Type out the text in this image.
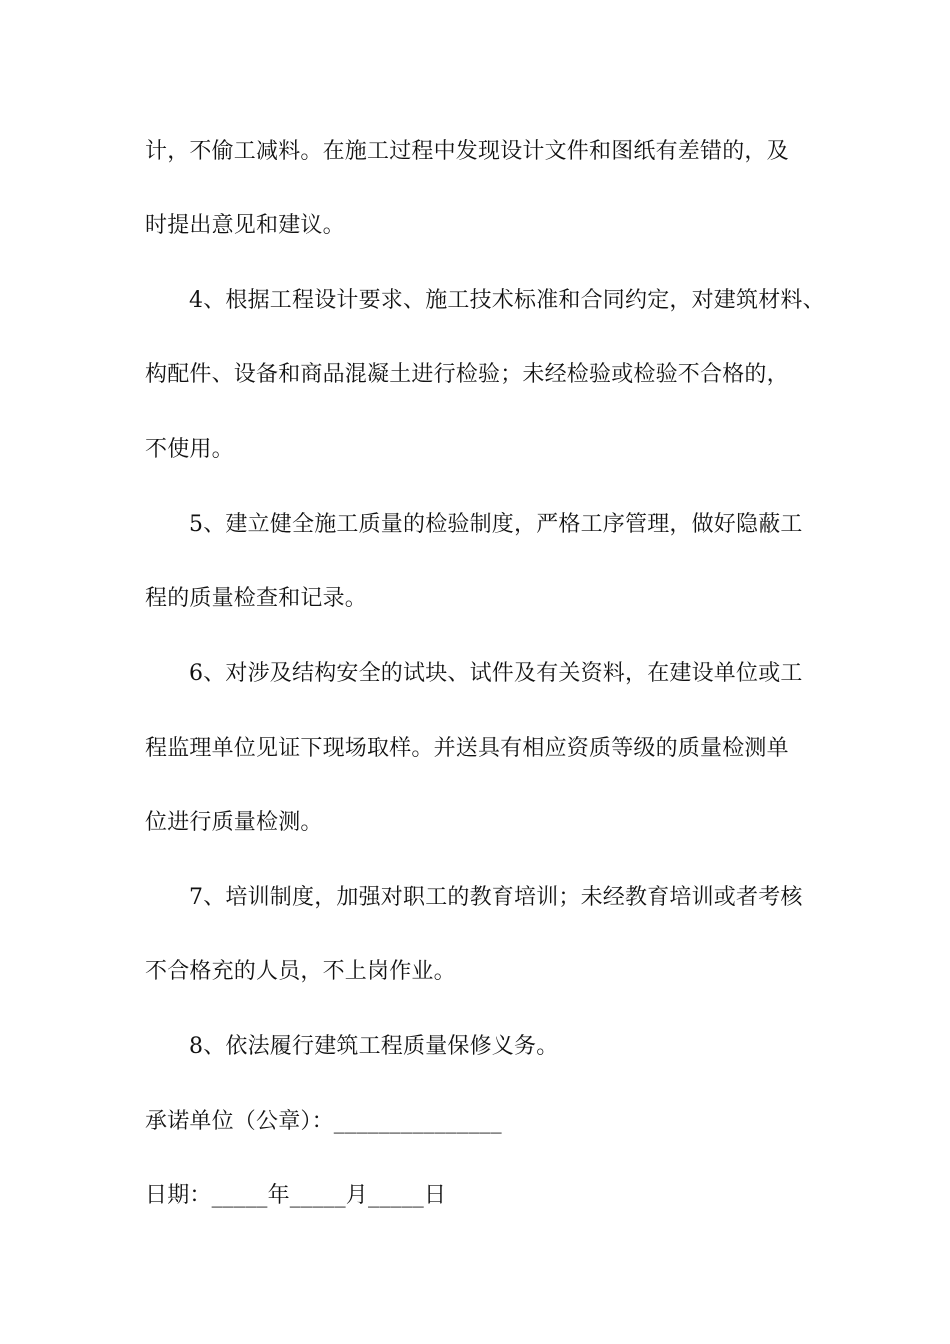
计，不偷工减料。在施工过程中发现设计文件和图纸有差错的，及
时提出意见和建议。
4、根据工程设计要求、施工技术标准和合同约定，对建筑材料、
构配件、设备和商品混凝土进行检验；未经检验或检验不合格的，
不使用。
5、建立健全施工质量的检验制度，严格工序管理，做好隐蔽工
程的质量检查和记录。
6、对涉及结构安全的试块、试件及有关资料，在建设单位或工
程监理单位见证下现场取样。并送具有相应资质等级的质量检测单
位进行质量检测。
7、培训制度，加强对职工的教育培训；未经教育培训或者考核
不合格充的人员，不上岗作业。
8、依法履行建筑工程质量保修义务。
承诺单位（公章）：_______________
日期：_____年_____月_____日
